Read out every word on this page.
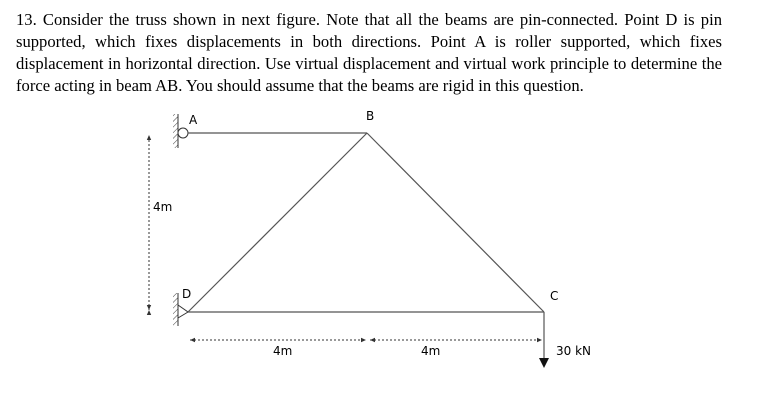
13. Consider the truss shown in next figure. Note that all the beams are pin-connected. Point D is pin supported, which fixes displacements in both directions. Point A is roller supported, which fixes displacement in horizontal direction. Use virtual displacement and virtual work principle to determine the force acting in beam AB. You should assume that the beams are rigid in this question.

A	B
D	C
4m
4m	4m	30 kN
